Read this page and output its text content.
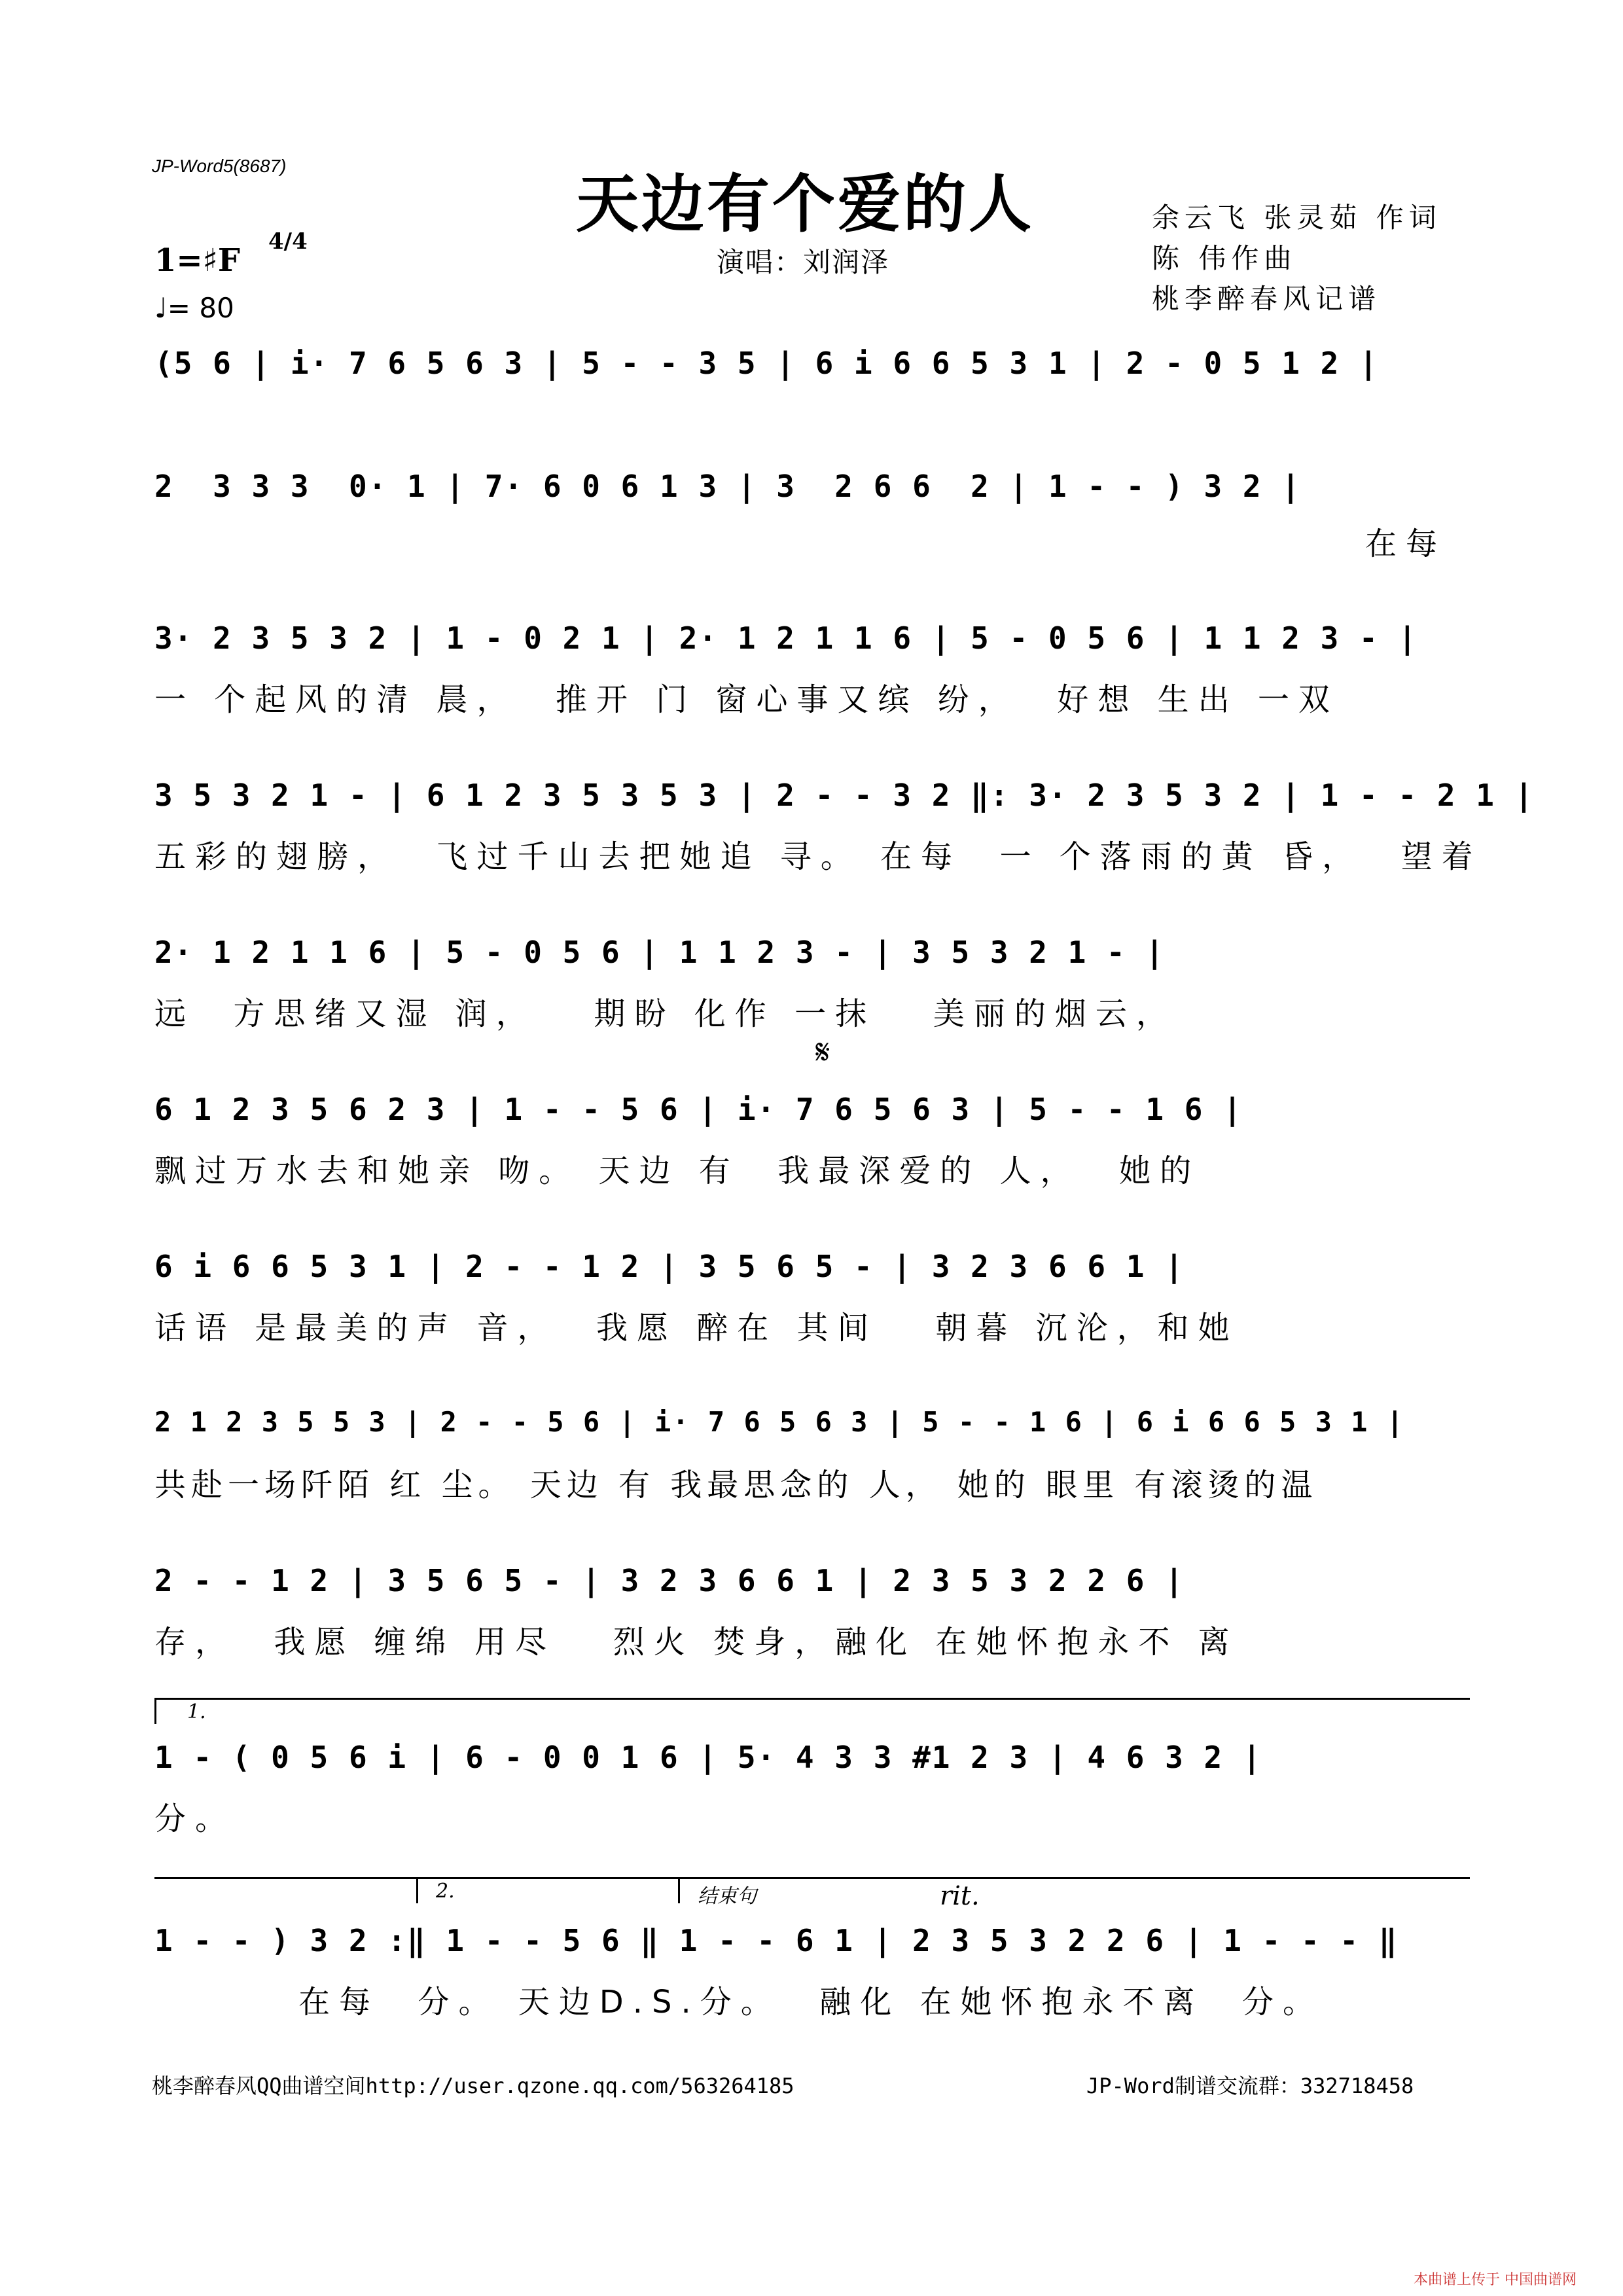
JP-Word5(8687)
天边有个爱的人
演唱：刘润泽
余云飞 张灵茹 作词
陈 伟作曲
桃李醉春风记谱
1=♯F
4/4
♩= 80
(5 6 | i· 7 6 5 6 3 | 5 - - 3 5 | 6 i 6 6 5 3 1 | 2 - 0 5 1 2 |
2  3 3 3  0· 1 | 7· 6 0 6 1 3 | 3  2 6 6  2 | 1 - - ) 3 2 |
在每
3· 2 3 5 3 2 | 1 - 0 2 1 | 2· 1 2 1 1 6 | 5 - 0 5 6 | 1 1 2 3 - |
一 个起风的清 晨，  推开 门 窗心事又缤 纷，  好想 生出 一双
3 5 3 2 1 - | 6 1 2 3 5 3 5 3 | 2 - - 3 2 ‖: 3· 2 3 5 3 2 | 1 - - 2 1 |
五彩的翅膀，  飞过千山去把她追 寻。 在每  一 个落雨的黄 昏，  望着
2· 1 2 1 1 6 | 5 - 0 5 6 | 1 1 2 3 - | 3 5 3 2 1 - |
远  方思绪又湿 润，   期盼 化作 一抹   美丽的烟云，
𝄋
6 1 2 3 5 6 2 3 | 1 - - 5 6 | i· 7 6 5 6 3 | 5 - - 1 6 |
飘过万水去和她亲 吻。 天边 有  我最深爱的 人，  她的
6 i 6 6 5 3 1 | 2 - - 1 2 | 3 5 6 5 - | 3 2 3 6 6 1 |
话语 是最美的声 音，  我愿 醉在 其间   朝暮 沉沦，和她
2 1 2 3 5 5 3 | 2 - - 5 6 | i· 7 6 5 6 3 | 5 - - 1 6 | 6 i 6 6 5 3 1 |
共赴一场阡陌 红 尘。 天边 有 我最思念的 人， 她的 眼里 有滚烫的温
2 - - 1 2 | 3 5 6 5 - | 3 2 3 6 6 1 | 2 3 5 3 2 2 6 |
存，  我愿 缠绵 用尽   烈火 焚身，融化 在她怀抱永不 离
1.
1 - ( 0 5 6 i | 6 - 0 0 1 6 | 5· 4 3 3 #1 2 3 | 4 6 3 2 |
分。
2.	结束句	rit.
1 - - ) 3 2 :‖ 1 - - 5 6 ‖ 1 - - 6 1 | 2 3 5 3 2 2 6 | 1 - - - ‖
在每  分。 天边D.S.分。  融化 在她怀抱永不离  分。
桃李醉春风QQ曲谱空间http://user.qzone.qq.com/563264185	JP-Word制谱交流群：332718458
本曲谱上传于 中国曲谱网
